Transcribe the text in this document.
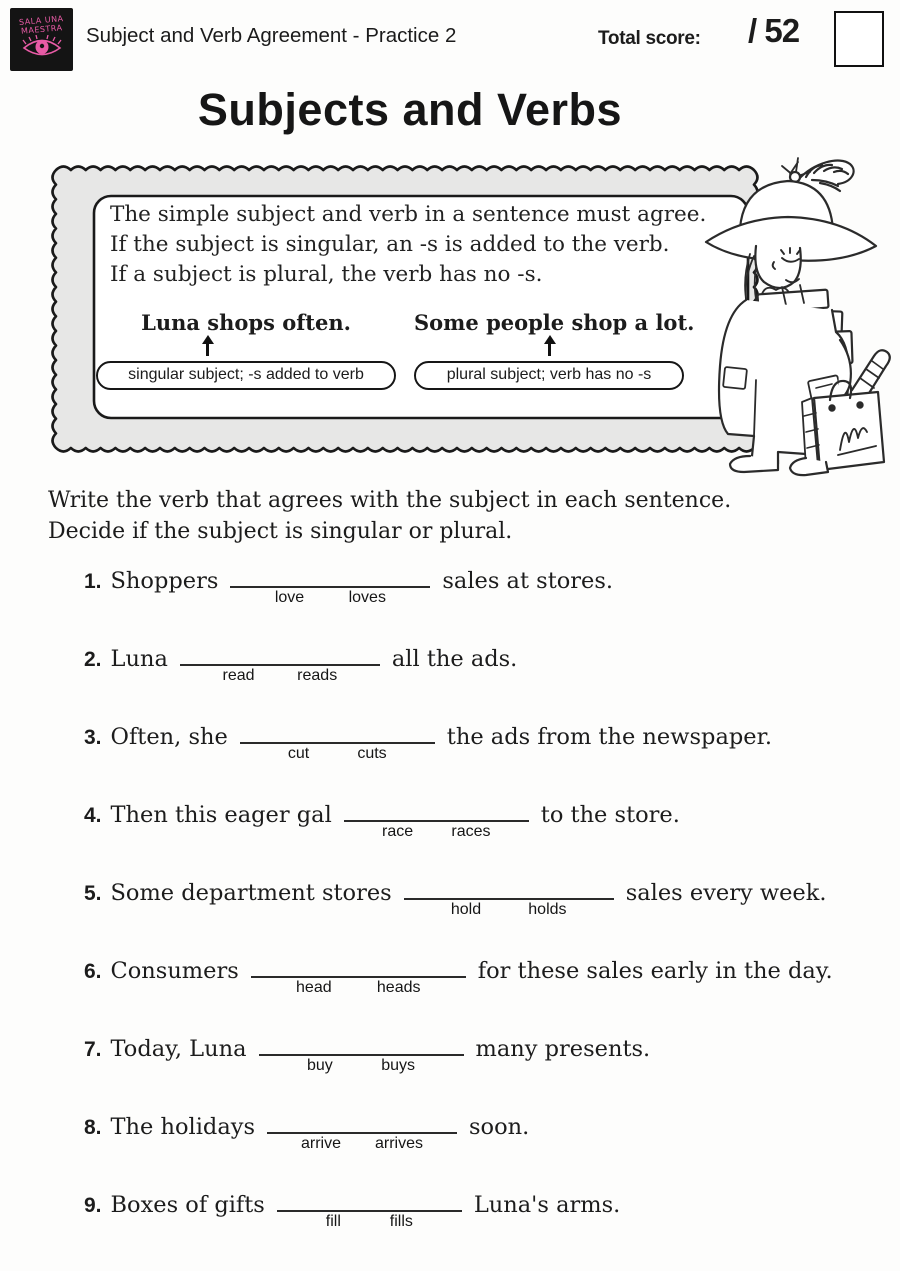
SALA UNA
MAESTRA Subject and Verb Agreement - Practice 2	Total score: / 52
Subjects and Verbs
The simple subject and verb in a sentence must agree.
If the subject is singular, an -s is added to the verb.
If a subject is plural, the verb has no -s.
Luna shops often.
singular subject; -s added to verb
Some people shop a lot.
plural subject; verb has no -s
Write the verb that agrees with the subject in each sentence.
Decide if the subject is singular or plural.
1. Shoppers
love	loves
sales at stores.
2. Luna
read	reads
all the ads.
3. Often, she
cut	cuts
the ads from the newspaper.
4. Then this eager gal
race races
to the store.
5. Some department stores
hold	holds
sales every week.
6. Consumers
head	heads
for these sales early in the day.
7. Today, Luna
buy	buys
many presents.
8. The holidays
arrive arrives
soon.
9. Boxes of gifts
fill	fills
Luna's arms.
